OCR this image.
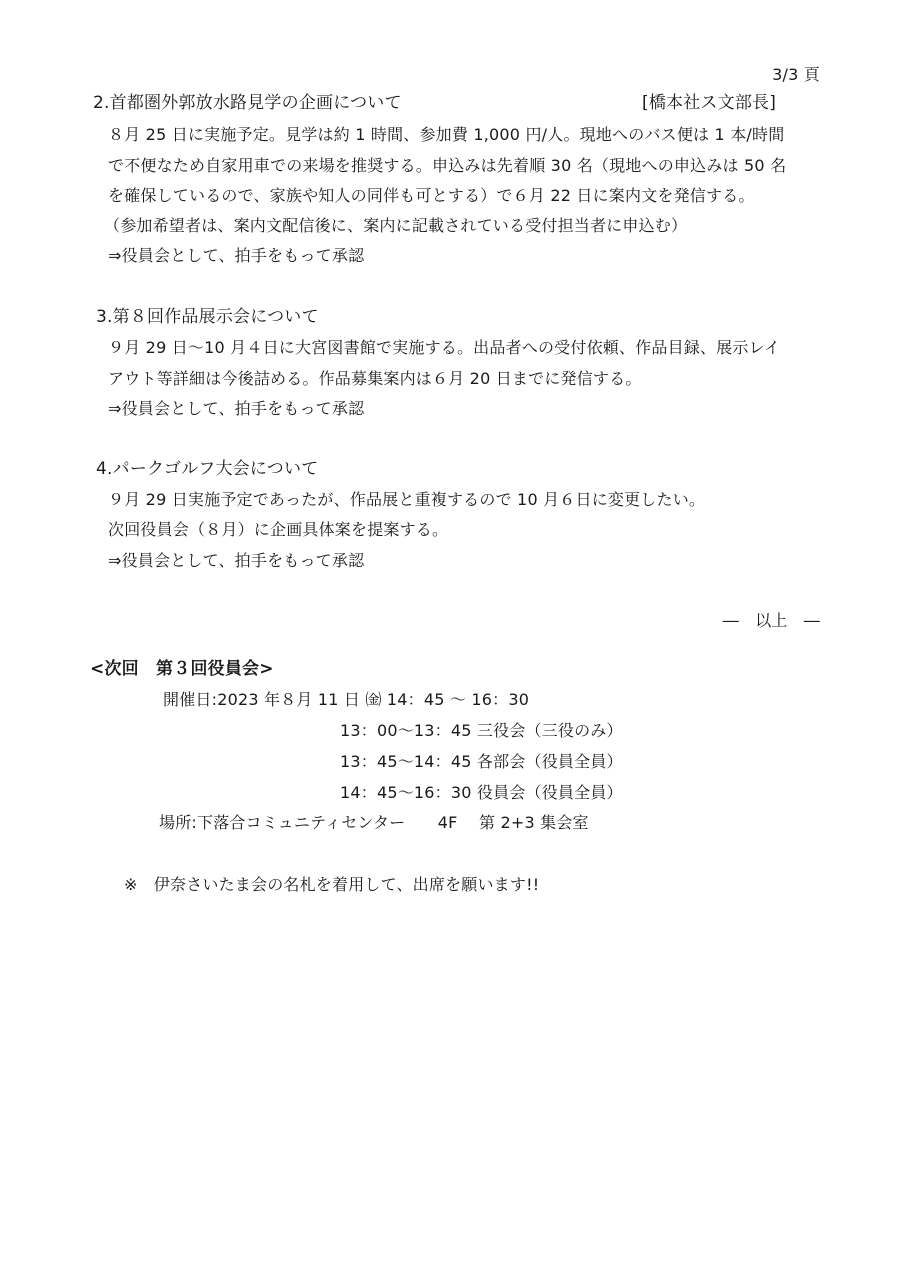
3/3 頁
2.首都圏外郭放水路見学の企画について	[橋本社ス文部長]
８月 25 日に実施予定。見学は約 1 時間、参加費 1,000 円/人。現地へのバス便は 1 本/時間
で不便なため自家用車での来場を推奨する。申込みは先着順 30 名（現地への申込みは 50 名
を確保しているので、家族や知人の同伴も可とする）で６月 22 日に案内文を発信する。
（参加希望者は、案内文配信後に、案内に記載されている受付担当者に申込む）
⇒役員会として、拍手をもって承認
3.第８回作品展示会について
９月 29 日～10 月４日に大宮図書館で実施する。出品者への受付依頼、作品目録、展示レイ
アウト等詳細は今後詰める。作品募集案内は６月 20 日までに発信する。
⇒役員会として、拍手をもって承認
4.パークゴルフ大会について
９月 29 日実施予定であったが、作品展と重複するので 10 月６日に変更したい。
次回役員会（８月）に企画具体案を提案する。
⇒役員会として、拍手をもって承認
―　以上　―
<次回　第３回役員会>
開催日:2023 年８月 11 日 ㈮ 14：45 ～ 16：30
13：00～13：45 三役会（三役のみ）
13：45～14：45 各部会（役員全員）
14：45～16：30 役員会（役員全員）
場所:下落合コミュニティセンター　　4F　 第 2+3 集会室
※　伊奈さいたま会の名札を着用して、出席を願います!!
